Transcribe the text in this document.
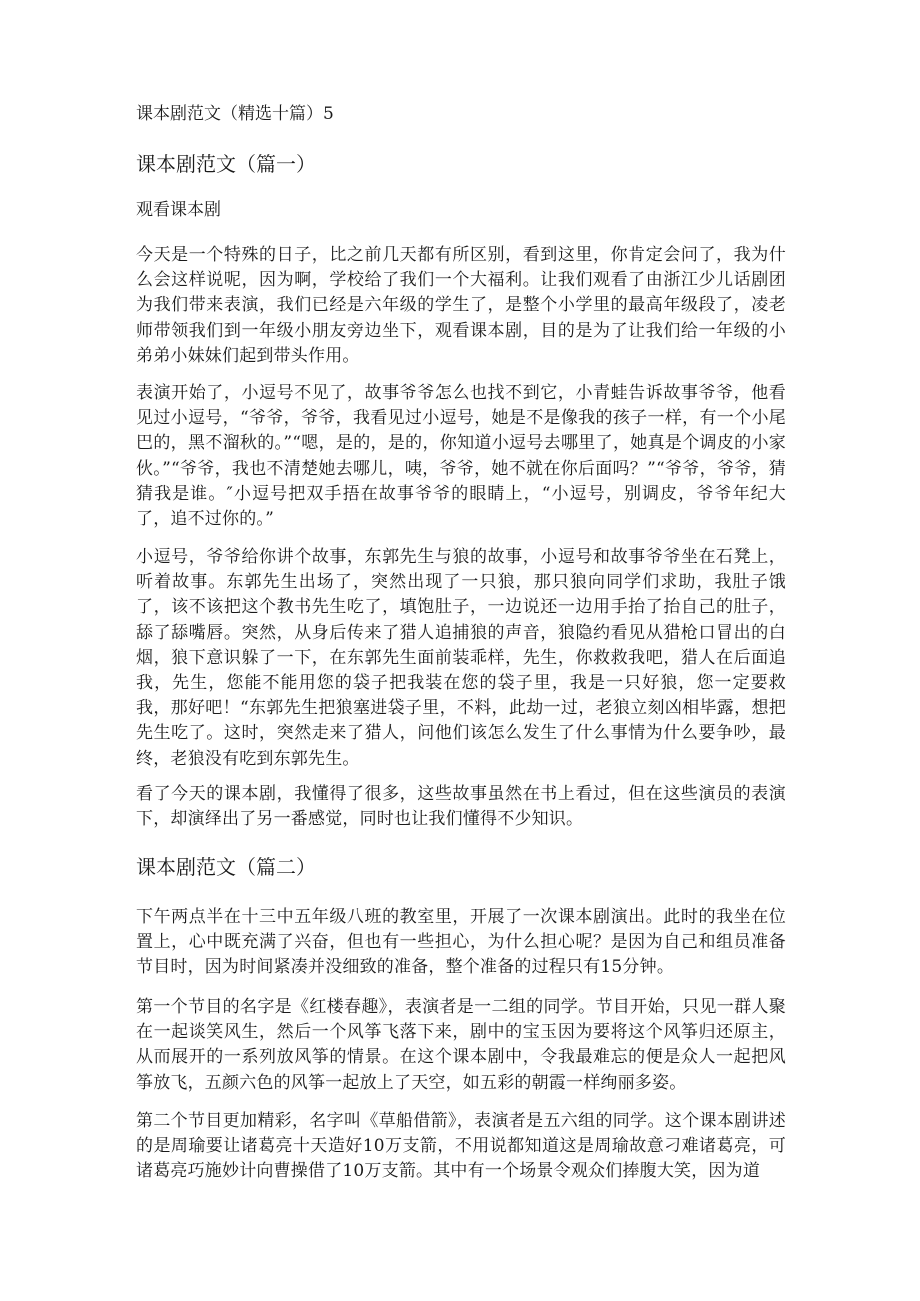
课本剧范文（精选十篇）5
课本剧范文（篇一）

观看课本剧

今天是一个特殊的日子，比之前几天都有所区别，看到这里，你肯定会问了，我为什么会这样说呢，因为啊，学校给了我们一个大福利。让我们观看了由浙江少儿话剧团为我们带来表演，我们已经是六年级的学生了，是整个小学里的最高年级段了，凌老师带领我们到一年级小朋友旁边坐下，观看课本剧，目的是为了让我们给一年级的小弟弟小妹妹们起到带头作用。

表演开始了，小逗号不见了，故事爷爷怎么也找不到它，小青蛙告诉故事爷爷，他看见过小逗号，“爷爷，爷爷，我看见过小逗号，她是不是像我的孩子一样，有一个小尾巴的，黑不溜秋的。”“嗯，是的，是的，你知道小逗号去哪里了，她真是个调皮的小家伙。”“爷爷，我也不清楚她去哪儿，咦，爷爷，她不就在你后面吗？”“爷爷，爷爷，猜猜我是谁。″小逗号把双手捂在故事爷爷的眼睛上，“小逗号，别调皮，爷爷年纪大了，追不过你的。”

小逗号，爷爷给你讲个故事，东郭先生与狼的故事，小逗号和故事爷爷坐在石凳上，听着故事。东郭先生出场了，突然出现了一只狼，那只狼向同学们求助，我肚子饿了，该不该把这个教书先生吃了，填饱肚子，一边说还一边用手抬了抬自己的肚子，舔了舔嘴唇。突然，从身后传来了猎人追捕狼的声音，狼隐约看见从猎枪口冒出的白烟，狼下意识躲了一下，在东郭先生面前装乖样，先生，你救救我吧，猎人在后面追我，先生，您能不能用您的袋子把我装在您的袋子里，我是一只好狼，您一定要救我，那好吧！“东郭先生把狼塞进袋子里，不料，此劫一过，老狼立刻凶相毕露，想把先生吃了。这时，突然走来了猎人，问他们该怎么发生了什么事情为什么要争吵，最终，老狼没有吃到东郭先生。

看了今天的课本剧，我懂得了很多，这些故事虽然在书上看过，但在这些演员的表演下，却演绎出了另一番感觉，同时也让我们懂得不少知识。

课本剧范文（篇二）

下午两点半在十三中五年级八班的教室里，开展了一次课本剧演出。此时的我坐在位置上，心中既充满了兴奋，但也有一些担心，为什么担心呢？是因为自己和组员准备节目时，因为时间紧凑并没细致的准备，整个准备的过程只有15分钟。

第一个节目的名字是《红楼春趣》，表演者是一二组的同学。节目开始，只见一群人聚在一起谈笑风生，然后一个风筝飞落下来，剧中的宝玉因为要将这个风筝归还原主，从而展开的一系列放风筝的情景。在这个课本剧中，令我最难忘的便是众人一起把风筝放飞，五颜六色的风筝一起放上了天空，如五彩的朝霞一样绚丽多姿。

第二个节目更加精彩，名字叫《草船借箭》，表演者是五六组的同学。这个课本剧讲述的是周瑜要让诸葛亮十天造好10万支箭，不用说都知道这是周瑜故意刁难诸葛亮，可诸葛亮巧施妙计向曹操借了10万支箭。其中有一个场景令观众们捧腹大笑，因为道
